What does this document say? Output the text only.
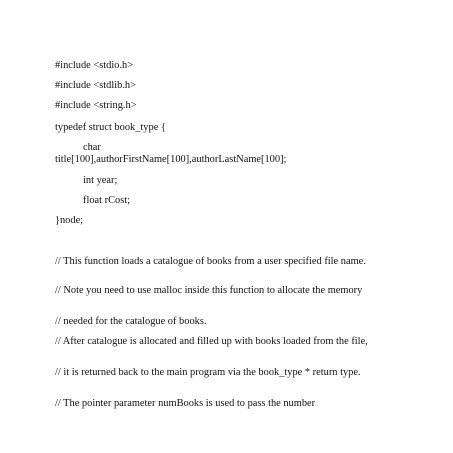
#include <stdio.h>

#include <stdlib.h>

#include <string.h>

typedef struct book_type {

char

title[100],authorFirstName[100],authorLastName[100];

int year;

float rCost;

}node;

// This function loads a catalogue of books from a user specified file name.

// Note you need to use malloc inside this function to allocate the memory

// needed for the catalogue of books.

// After catalogue is allocated and filled up with books loaded from the file,

// it is returned back to the main program via the book_type * return type.

// The pointer parameter numBooks is used to pass the number
